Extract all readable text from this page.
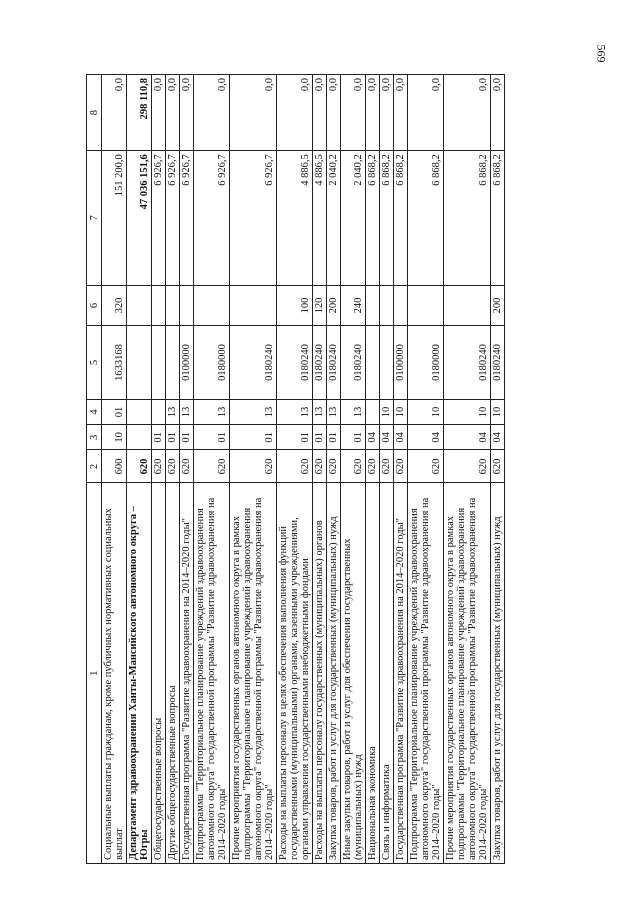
569
1	2	3	4	5	6	7	8
Социальные выплаты гражданам, кроме публичных нормативных социальных выплат	600	10	01	1633168	320	151 200,0	0,0
Департамент здравоохранения Ханты-Мансийского автономного округа – Югры	620					47 036 151,6	298 110,8
Общегосударственные вопросы	620	01				6 926,7	0,0
Другие общегосударственные вопросы	620	01	13			6 926,7	0,0
Государственная программа "Развитие здравоохранения на 2014–2020 годы"	620	01	13	0100000		6 926,7	0,0
Подпрограмма "Территориальное планирование учреждений здравоохранения автономного округа" государственной программы "Развитие здравоохранения на 2014–2020 годы"	620	01	13	0180000		6 926,7	0,0
Прочие мероприятия государственных органов автономного округа в рамках подпрограммы "Территориальное планирование учреждений здравоохранения автономного округа" государственной программы "Развитие здравоохранения на 2014–2020 годы"	620	01	13	0180240		6 926,7	0,0
Расходы на выплаты персоналу в целях обеспечения выполнения функций государственными (муниципальными) органами, казенными учреждениями, органами управления государственными внебюджетными фондами	620	01	13	0180240	100	4 886,5	0,0
Расходы на выплаты персоналу государственных (муниципальных) органов	620	01	13	0180240	120	4 886,5	0,0
Закупка товаров, работ и услуг для государственных (муниципальных) нужд	620	01	13	0180240	200	2 040,2	0,0
Иные закупки товаров, работ и услуг для обеспечения государственных (муниципальных) нужд	620	01	13	0180240	240	2 040,2	0,0
Национальная экономика	620	04				6 868,2	0,0
Связь и информатика	620	04	10			6 868,2	0,0
Государственная программа "Развитие здравоохранения на 2014–2020 годы"	620	04	10	0100000		6 868,2	0,0
Подпрограмма "Территориальное планирование учреждений здравоохранения автономного округа" государственной программы "Развитие здравоохранения на 2014–2020 годы"	620	04	10	0180000		6 868,2	0,0
Прочие мероприятия государственных органов автономного округа в рамках подпрограммы "Территориальное планирование учреждений здравоохранения автономного округа" государственной программы "Развитие здравоохранения на 2014–2020 годы"	620	04	10	0180240		6 868,2	0,0
Закупка товаров, работ и услуг для государственных (муниципальных) нужд	620	04	10	0180240	200	6 868,2	0,0
